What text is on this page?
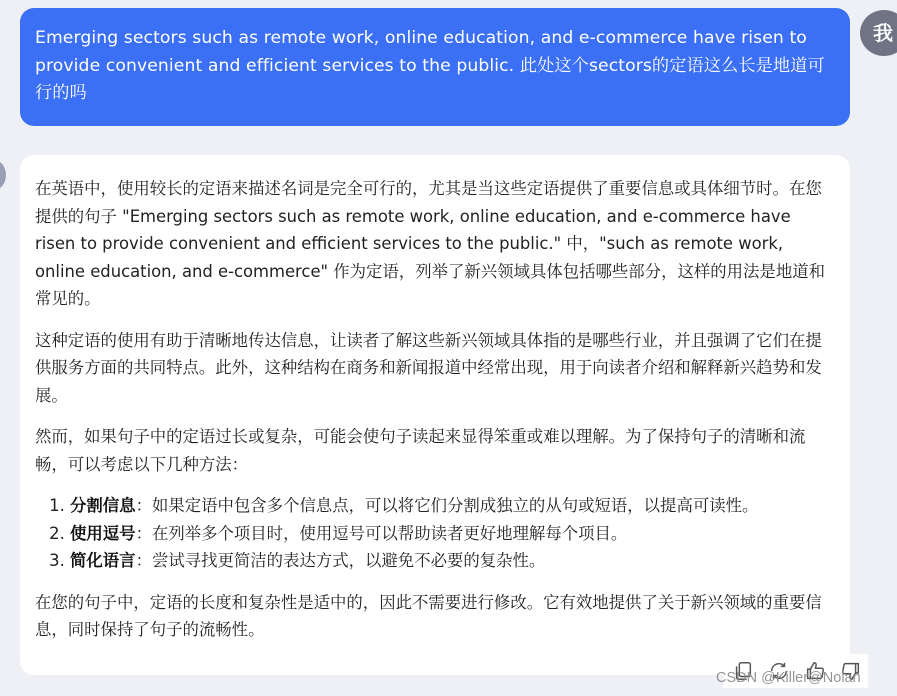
Emerging sectors such as remote work, online education, and e-commerce have risen to provide convenient and efficient services to the public. 此处这个sectors的定语这么长是地道可行的吗
我

在英语中，使用较长的定语来描述名词是完全可行的，尤其是当这些定语提供了重要信息或具体细节时。在您提供的句子 "Emerging sectors such as remote work, online education, and e-commerce have risen to provide convenient and efficient services to the public." 中，"such as remote work, online education, and e-commerce" 作为定语，列举了新兴领域具体包括哪些部分，这样的用法是地道和常见的。

这种定语的使用有助于清晰地传达信息，让读者了解这些新兴领域具体指的是哪些行业，并且强调了它们在提供服务方面的共同特点。此外，这种结构在商务和新闻报道中经常出现，用于向读者介绍和解释新兴趋势和发展。

然而，如果句子中的定语过长或复杂，可能会使句子读起来显得笨重或难以理解。为了保持句子的清晰和流畅，可以考虑以下几种方法：

1. 分割信息：如果定语中包含多个信息点，可以将它们分割成独立的从句或短语，以提高可读性。
2. 使用逗号：在列举多个项目时，使用逗号可以帮助读者更好地理解每个项目。
3. 简化语言：尝试寻找更简洁的表达方式，以避免不必要的复杂性。

在您的句子中，定语的长度和复杂性是适中的，因此不需要进行修改。它有效地提供了关于新兴领域的重要信息，同时保持了句子的流畅性。

CSDN @Killer@Nolan
